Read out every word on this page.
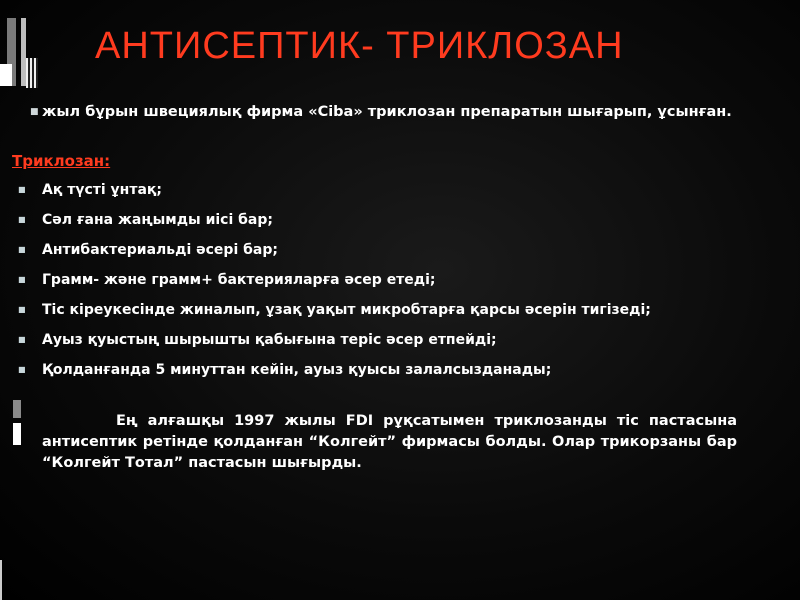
АНТИСЕПТИК- ТРИКЛОЗАН
■ жыл бұрын швециялық фирма «Ciba» триклозан препаратын шығарып, ұсынған.
Триклозан:
■ Ақ түсті ұнтақ;
■ Сәл ғана жаңымды иісі бар;
■ Антибактериальді әсері бар;
■ Грамм- және грамм+ бактерияларға әсер етеді;
■ Тіс кіреукесінде жиналып, ұзақ уақыт микробтарға қарсы әсерін тигізеді;
■ Ауыз қуыстың шырышты қабығына теріс әсер етпейді;
■ Қолданғанда 5 минуттан кейін, ауыз қуысы залалсызданады;
Ең алғашқы 1997 жылы FDI рұқсатымен триклозанды тіс пастасына антисептик ретінде қолданған “Колгейт” фирмасы болды. Олар трикорзаны бар “Колгейт Тотал” пастасын шығырды.
